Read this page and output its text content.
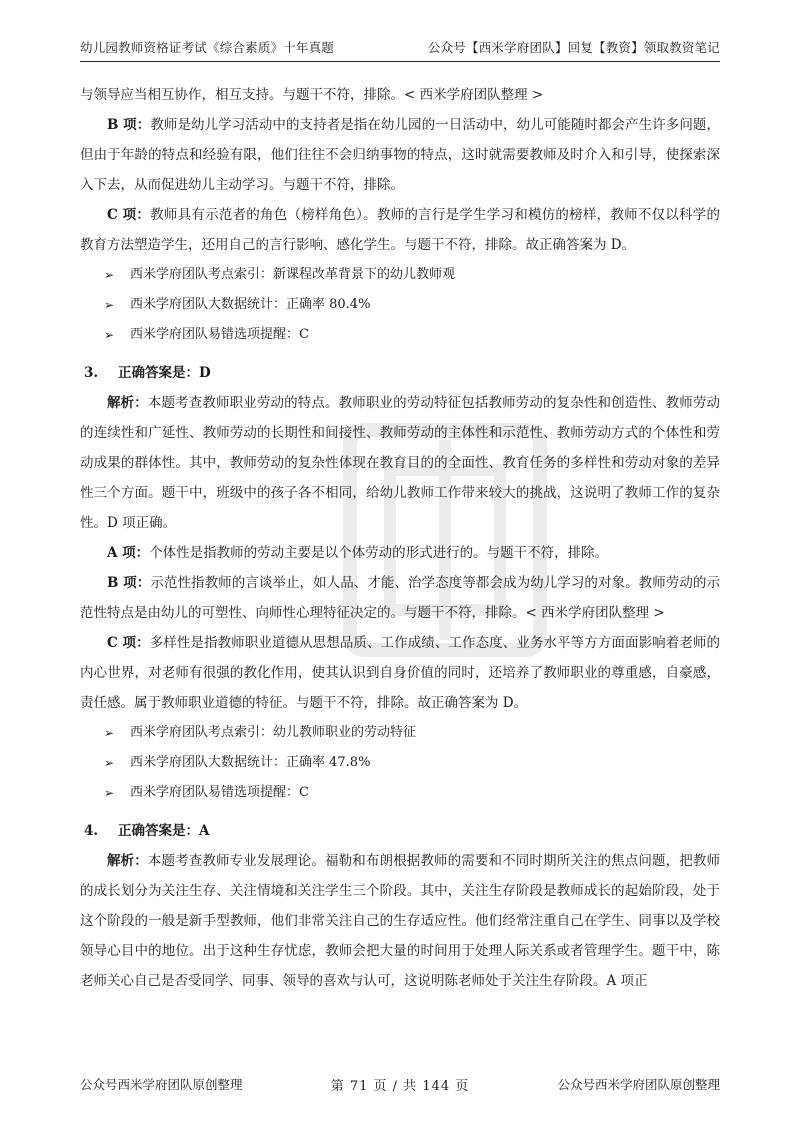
幼儿园教师资格证考试《综合素质》十年真题	公众号【西米学府团队】回复【教资】领取教资笔记
与领导应当相互协作，相互支持。与题干不符，排除。< 西米学府团队整理 >
B 项：教师是幼儿学习活动中的支持者是指在幼儿园的一日活动中，幼儿可能随时都会产生许多问题，但由于年龄的特点和经验有限，他们往往不会归纳事物的特点，这时就需要教师及时介入和引导，使探索深入下去，从而促进幼儿主动学习。与题干不符，排除。
C 项：教师具有示范者的角色（榜样角色）。教师的言行是学生学习和模仿的榜样，教师不仅以科学的教育方法塑造学生，还用自己的言行影响、感化学生。与题干不符，排除。故正确答案为 D。
➢	西米学府团队考点索引：新课程改革背景下的幼儿教师观
➢	西米学府团队大数据统计：正确率 80.4%
➢	西米学府团队易错选项提醒：C
3.	正确答案是：D
解析：本题考查教师职业劳动的特点。教师职业的劳动特征包括教师劳动的复杂性和创造性、教师劳动的连续性和广延性、教师劳动的长期性和间接性、教师劳动的主体性和示范性、教师劳动方式的个体性和劳动成果的群体性。其中，教师劳动的复杂性体现在教育目的的全面性、教育任务的多样性和劳动对象的差异性三个方面。题干中，班级中的孩子各不相同，给幼儿教师工作带来较大的挑战，这说明了教师工作的复杂性。D 项正确。
A 项：个体性是指教师的劳动主要是以个体劳动的形式进行的。与题干不符，排除。
B 项：示范性指教师的言谈举止，如人品、才能、治学态度等都会成为幼儿学习的对象。教师劳动的示范性特点是由幼儿的可塑性、向师性心理特征决定的。与题干不符，排除。< 西米学府团队整理 >
C 项：多样性是指教师职业道德从思想品质、工作成绩、工作态度、业务水平等方方面面影响着老师的内心世界，对老师有很强的教化作用，使其认识到自身价值的同时，还培养了教师职业的尊重感，自豪感，责任感。属于教师职业道德的特征。与题干不符，排除。故正确答案为 D。
➢	西米学府团队考点索引：幼儿教师职业的劳动特征
➢	西米学府团队大数据统计：正确率 47.8%
➢	西米学府团队易错选项提醒：C
4.	正确答案是：A
解析：本题考查教师专业发展理论。福勒和布朗根据教师的需要和不同时期所关注的焦点问题，把教师的成长划分为关注生存、关注情境和关注学生三个阶段。其中，关注生存阶段是教师成长的起始阶段，处于这个阶段的一般是新手型教师，他们非常关注自己的生存适应性。他们经常注重自己在学生、同事以及学校领导心目中的地位。出于这种生存忧虑，教师会把大量的时间用于处理人际关系或者管理学生。题干中，陈老师关心自己是否受同学、同事、领导的喜欢与认可，这说明陈老师处于关注生存阶段。A 项正
公众号西米学府团队原创整理	第 71 页 / 共 144 页	公众号西米学府团队原创整理
